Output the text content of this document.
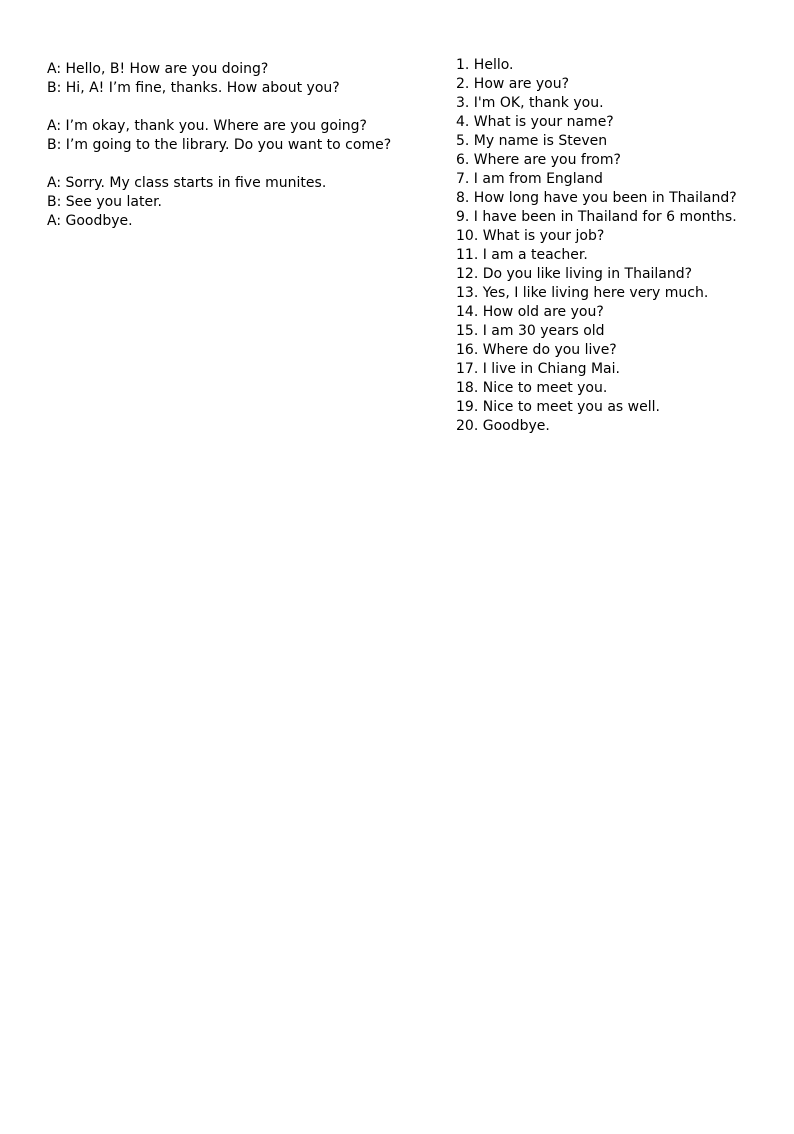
A: Hello, B! How are you doing?
B: Hi, A! I’m fine, thanks. How about you?
A: I’m okay, thank you. Where are you going?
B: I’m going to the library. Do you want to come?
A: Sorry. My class starts in five munites.
B: See you later.
A: Goodbye.
1. Hello.
2. How are you?
3. I'm OK, thank you.
4. What is your name?
5. My name is Steven
6. Where are you from?
7. I am from England
8. How long have you been in Thailand?
9. I have been in Thailand for 6 months.
10. What is your job?
11. I am a teacher.
12. Do you like living in Thailand?
13. Yes, I like living here very much.
14. How old are you?
15. I am 30 years old
16. Where do you live?
17. I live in Chiang Mai.
18. Nice to meet you.
19. Nice to meet you as well.
20. Goodbye.
